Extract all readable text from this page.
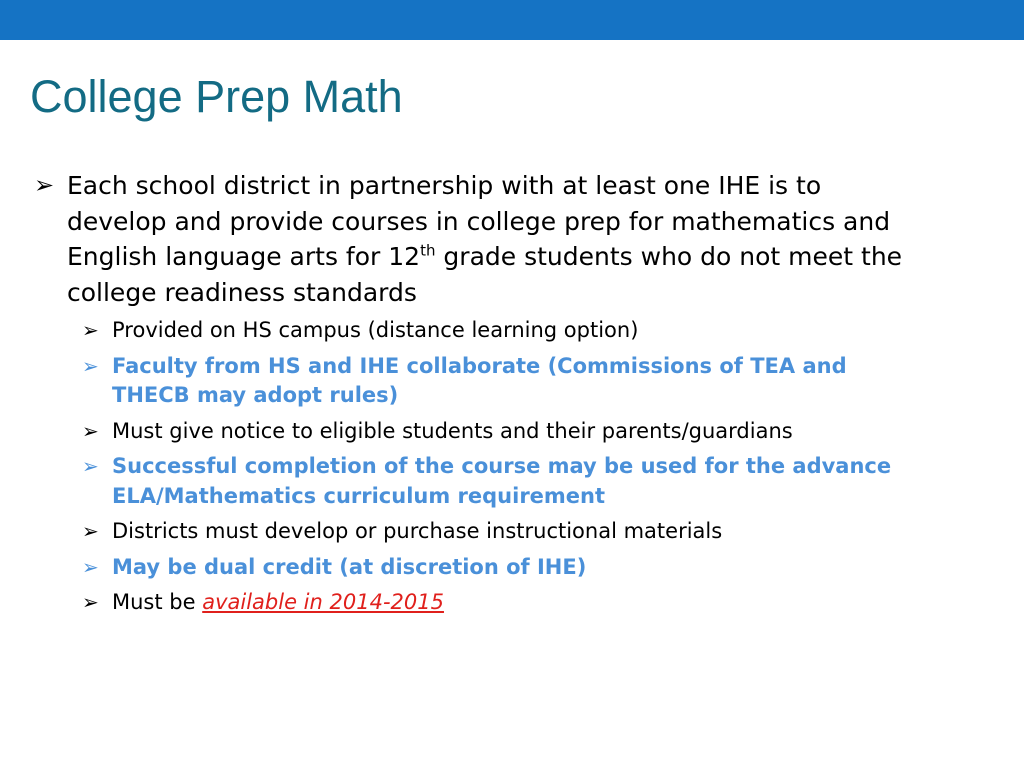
College Prep Math
➢ Each school district in partnership with at least one IHE is to develop and provide courses in college prep for mathematics and English language arts for 12th grade students who do not meet the college readiness standards
➢ Provided on HS campus (distance learning option)
➢ Faculty from HS and IHE collaborate (Commissions of TEA and THECB may adopt rules)
➢ Must give notice to eligible students and their parents/guardians
➢ Successful completion of the course may be used for the advance ELA/Mathematics curriculum requirement
➢ Districts must develop or purchase instructional materials
➢ May be dual credit (at discretion of IHE)
➢ Must be available in 2014-2015
